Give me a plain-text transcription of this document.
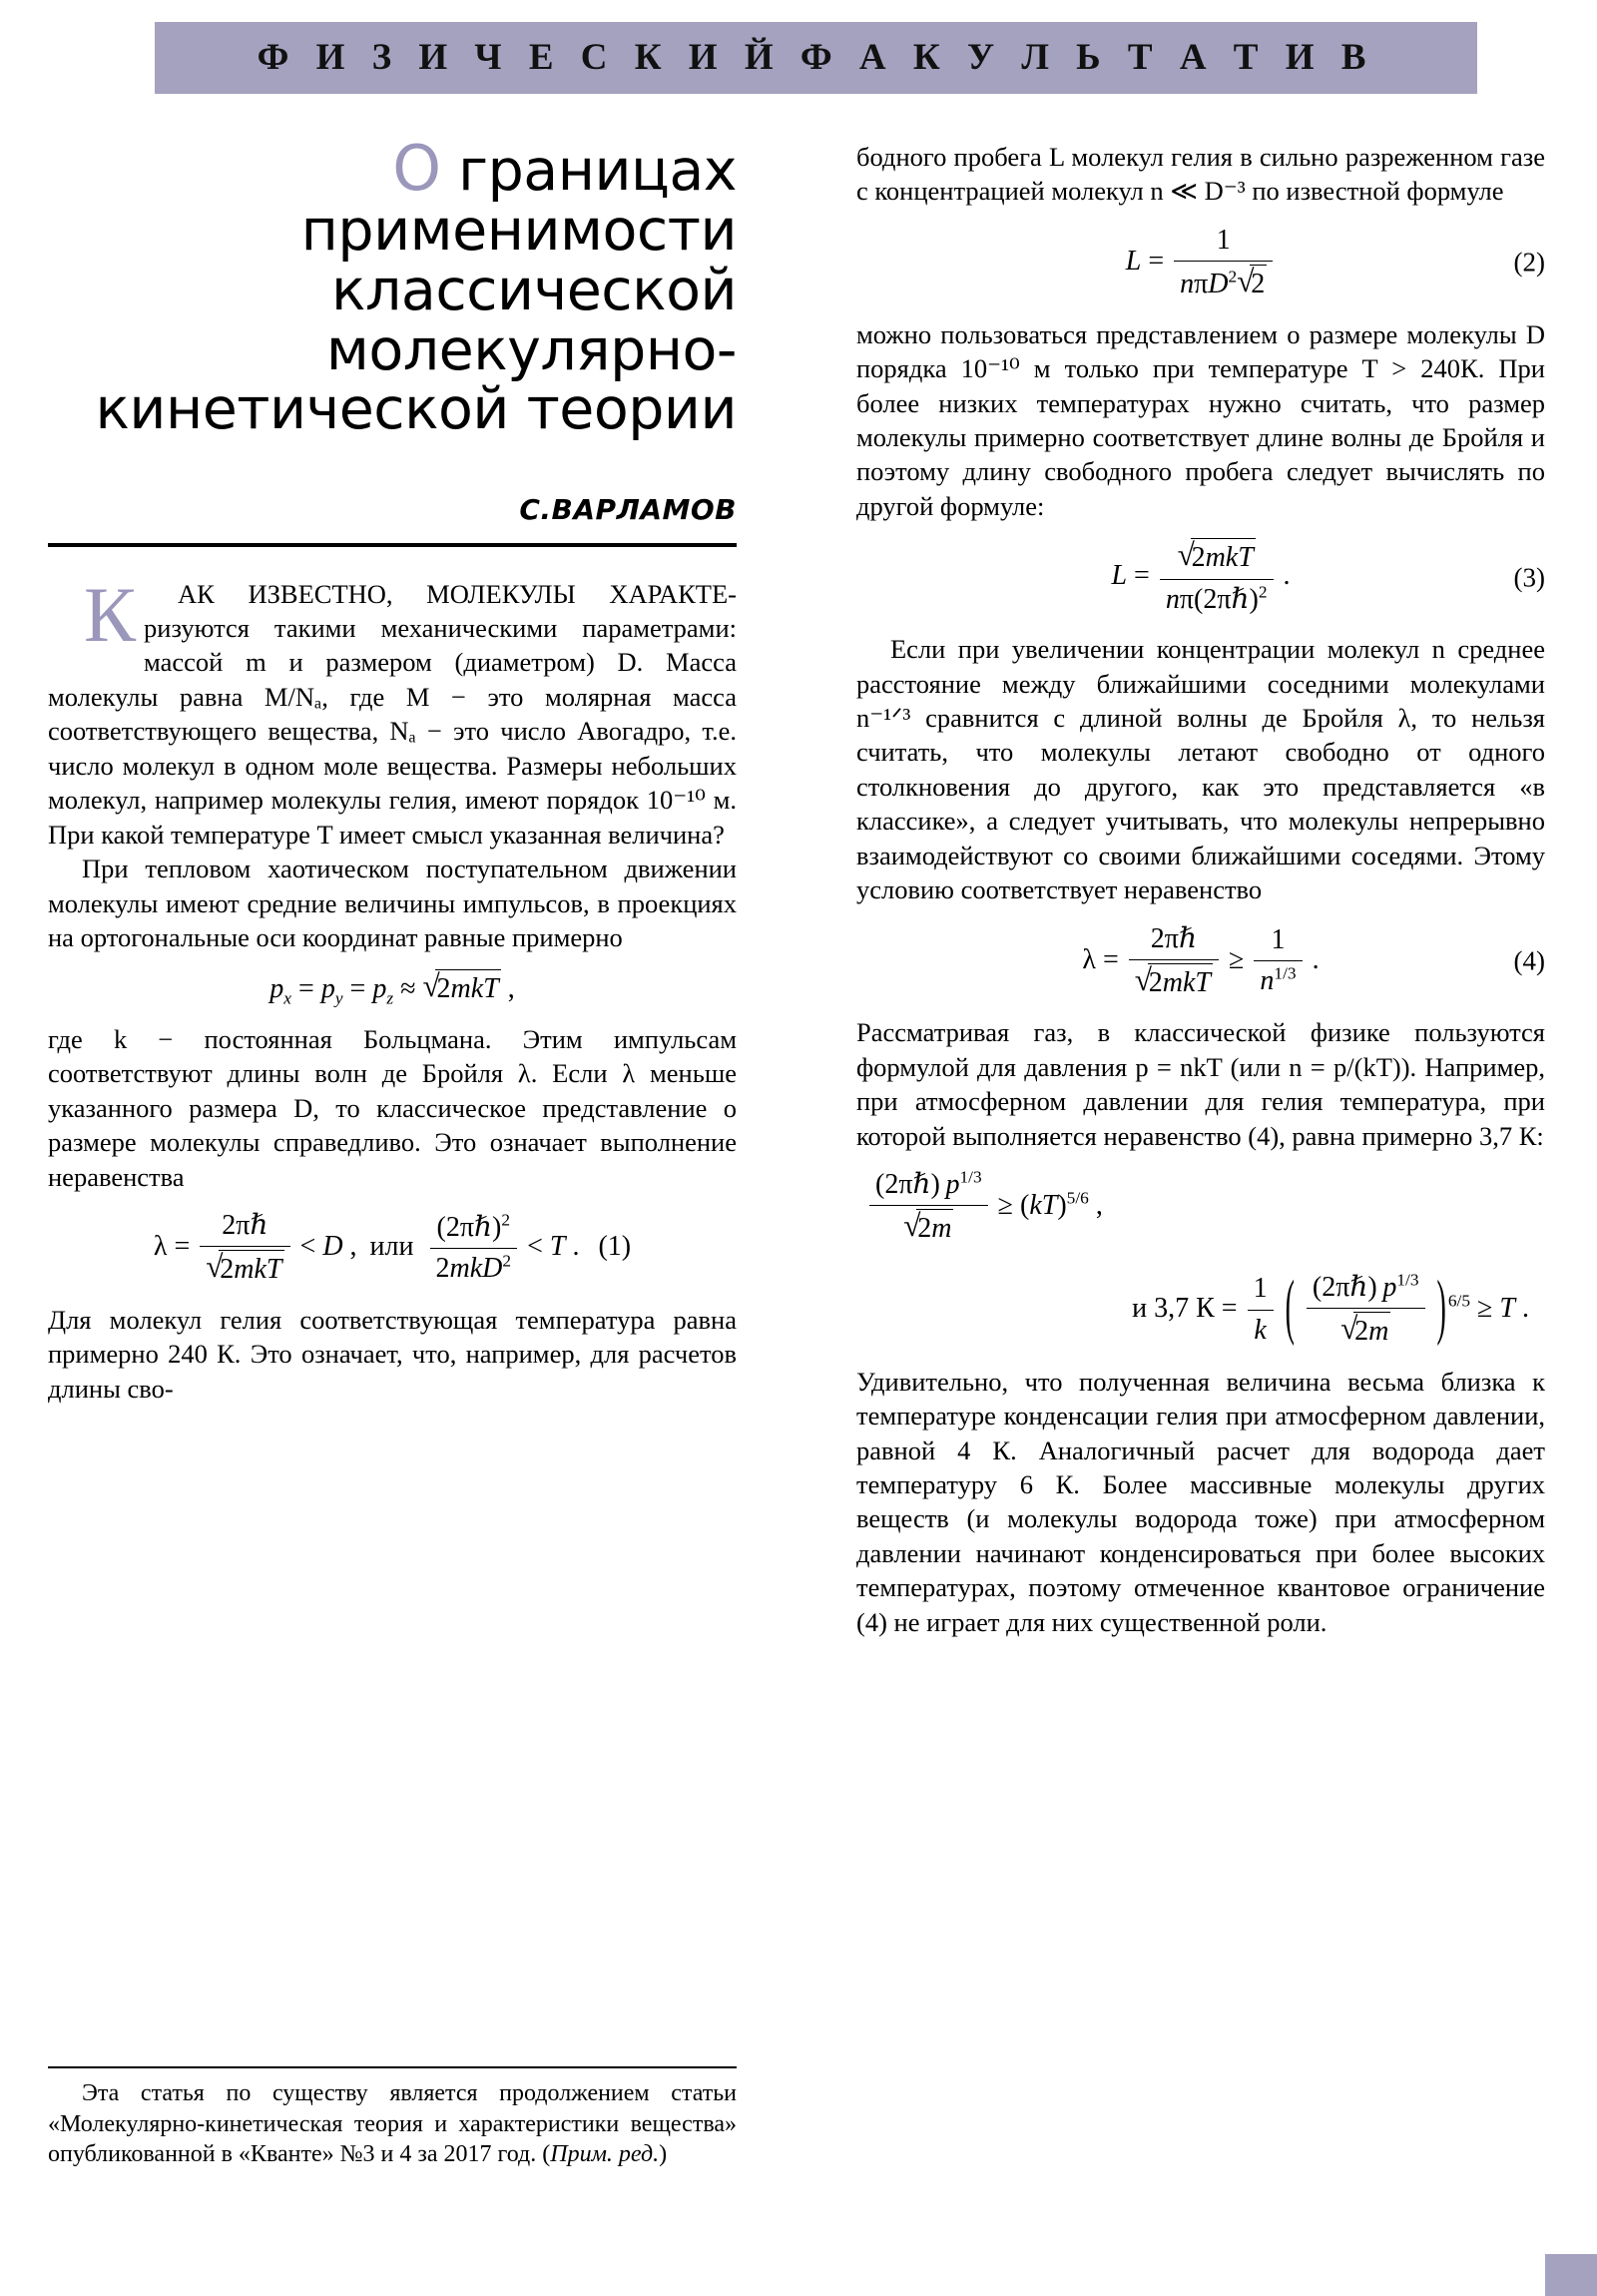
Ф И З И Ч Е С К И Й Ф А К У Л Ь Т А Т И В
О границах применимости классической молекулярно- кинетической теории
С.ВАРЛАМОВ

К	АК ИЗВЕСТНО, МОЛЕКУЛЫ ХАРАКТЕ-ризуются такими механическими параметрами: массой m и размером (диаметром) D. Масса молекулы равна М/Nₐ, где М − это молярная масса соответствующего вещества, Nₐ − это число Авогадро, т.е. число молекул в одном моле вещества. Размеры небольших молекул, например молекулы гелия, имеют порядок 10⁻¹⁰ м. При какой температуре T имеет смысл указанная величина?

При тепловом хаотическом поступательном движении молекулы имеют средние величины импульсов, в проекциях на ортогональные оси координат равные примерно

$p_x = p_y = p_z$ ≈ √ 2mkT ,

где k − постоянная Больцмана. Этим импульсам соответствуют длины волн де Бройля λ. Если λ меньше указанного размера D, то классическое представление о размере молекулы справедливо. Это означает выполнение неравенства

λ = 2πℏ
√ 2mkT < D , или $\frac{(2\pi\hbar)^2}{2mkD^2} < T$ . (1)

Для молекул гелия соответствующая температура равна примерно 240 К. Это означает, что, например, для расчетов длины сво-

бодного пробега L молекул гелия в сильно разреженном газе с концентрацией молекул n ≪ D⁻³ по известной формуле

$L = \frac{1}{n\pi D^2 √ 2}$	(2)

можно пользоваться представлением о размере молекулы D порядка 10⁻¹⁰ м только при температуре T > 240К. При более низких температурах нужно считать, что размер молекулы примерно соответствует длине волны де Бройля и поэтому длину свободного пробега следует вычислять по другой формуле:

L = √ $\frac{\text{2mkT}}{n\pi(2\pi\hbar)^2}$ .	(3)

Если при увеличении концентрации молекул n среднее расстояние между ближайшими соседними молекулами n⁻¹ᐟ³ сравнится с длиной волны де Бройля λ, то нельзя считать, что молекулы летают свободно от одного столкновения до другого, как это представляется «в классике», а следует учитывать, что молекулы непрерывно взаимодействуют со своими ближайшими соседями. Этому условию соответствует неравенство

λ = 2πℏ
√ $2mkT \ge \frac{1}{n^{1/3}}$ .	(4)

Рассматривая газ, в классической физике пользуются формулой для давления p = nkT (или n = p/(kT)). Например, при атмосферном давлении для гелия температура, при которой выполняется неравенство (4), равна примерно 3,7 К:

(2πℏ) $p^{1/3}$
√ 2m ≥ (kT)$^{5/6}$ ,
и 3,7 $К = \frac{1}{k}$ ( (2πℏ) $p^{1/3}$
√ 2m ) $^{6/5}$ ≥ T .

Удивительно, что полученная величина весьма близка к температуре конденсации гелия при атмосферном давлении, равной 4 К. Аналогичный расчет для водорода дает температуру 6 К. Более массивные молекулы других веществ (и молекулы водорода тоже) при атмосферном давлении начинают конденсироваться при более высоких температурах, поэтому отмеченное квантовое ограничение (4) не играет для них существенной роли.

Эта статья по существу является продолжением статьи «Молекулярно-кинетическая теория и характеристики вещества» опубликованной в «Кванте» №3 и 4 за 2017 год. (Прим. ред.)
